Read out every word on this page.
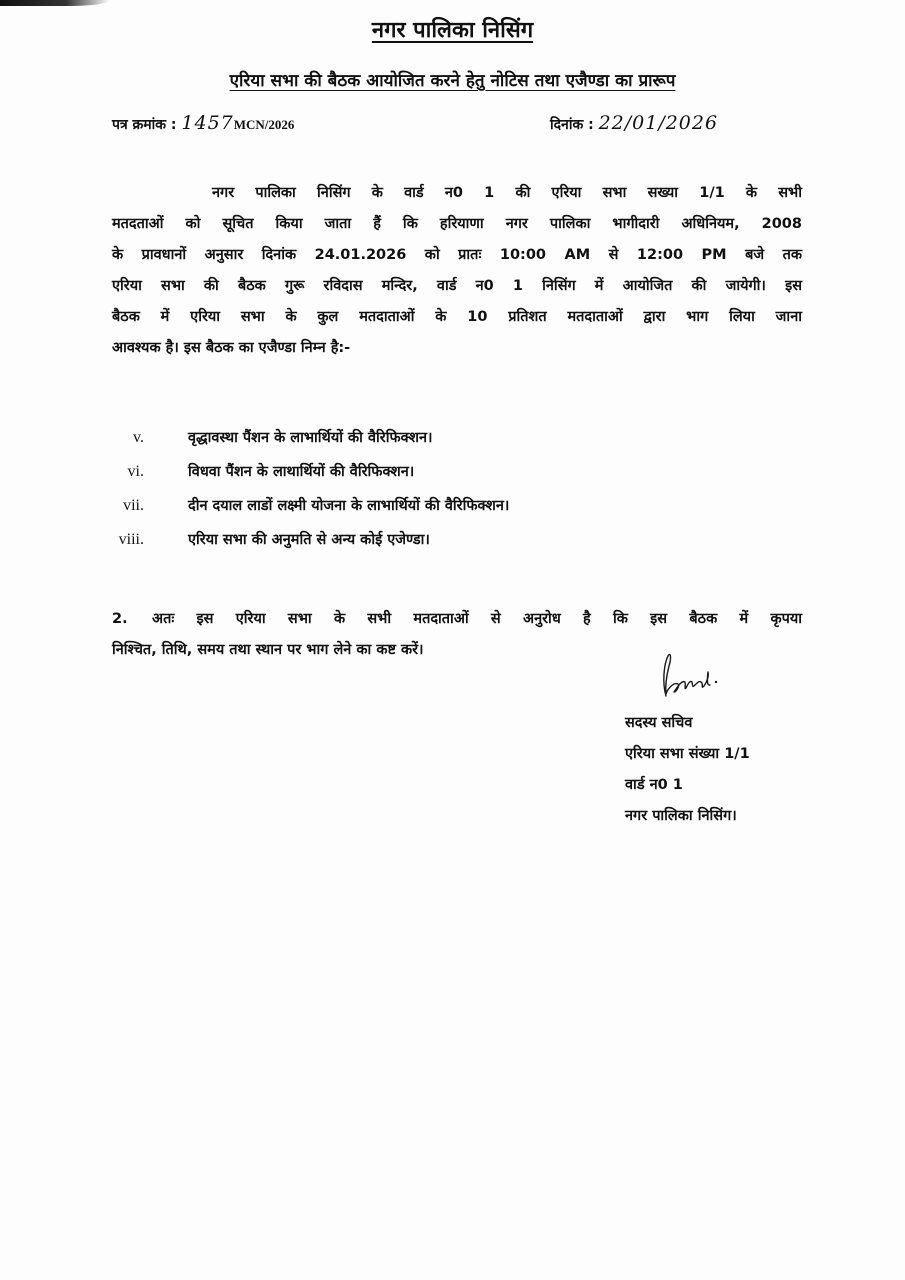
नगर पालिका निसिंग
एरिया सभा की बैठक आयोजित करने हेतु नोटिस तथा एजैण्डा का प्रारूप
पत्र क्रमांक : 1457MCN/2026	दिनांक : 22/01/2026
नगर पालिका निसिंग के वार्ड न0 1 की एरिया सभा सख्या 1/1 के सभी
मतदताओं को सूचित किया जाता हैं कि हरियाणा नगर पालिका भागीदारी अधिनियम, 2008
के प्रावधानों अनुसार दिनांक 24.01.2026 को प्रातः 10:00 AM से 12:00 PM बजे तक
एरिया सभा की बैठक गुरू रविदास मन्दिर, वार्ड न0 1 निसिंग में आयोजित की जायेगी। इस
बैठक में एरिया सभा के कुल मतदाताओं के 10 प्रतिशत मतदाताओं द्वारा भाग लिया जाना
आवश्यक है। इस बैठक का एजैण्डा निम्न है:-
v.	वृद्धावस्था पैंशन के लाभार्थियों की वैरिफिक्शन।
vi.	विधवा पैंशन के लाथार्थियों की वैरिफिक्शन।
vii.	दीन दयाल लाडों लक्ष्मी योजना के लाभार्थियों की वैरिफिक्शन।
viii.	एरिया सभा की अनुमति से अन्य कोई एजेण्डा।
2. अतः इस एरिया सभा के सभी मतदाताओं से अनुरोध है कि इस बैठक में कृपया
निश्चित, तिथि, समय तथा स्थान पर भाग लेने का कष्ट करें।
सदस्य सचिव
एरिया सभा संख्या 1/1
वार्ड न0 1
नगर पालिका निसिंग।
